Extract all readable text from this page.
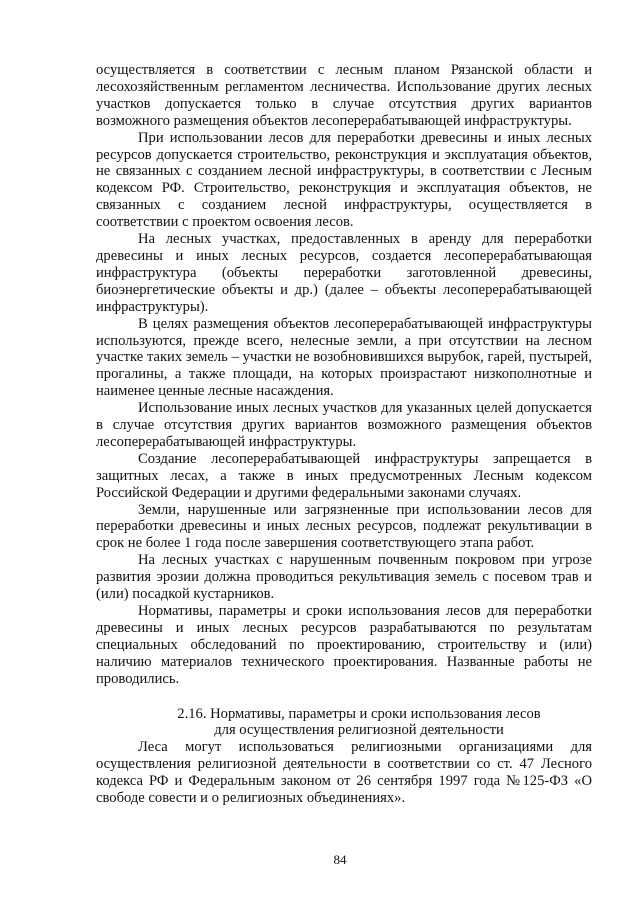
осуществляется в соответствии с лесным планом Рязанской области и лесохозяйственным регламентом лесничества. Использование других лесных участков допускается только в случае отсутствия других вариантов возможного размещения объектов лесоперерабатывающей инфраструктуры.

При использовании лесов для переработки древесины и иных лесных ресурсов допускается строительство, реконструкция и эксплуатация объектов, не связанных с созданием лесной инфраструктуры, в соответствии с Лесным кодексом РФ. Строительство, реконструкция и эксплуатация объектов, не связанных с созданием лесной инфраструктуры, осуществляется в соответствии с проектом освоения лесов.

На лесных участках, предоставленных в аренду для переработки древесины и иных лесных ресурсов, создается лесоперерабатывающая инфраструктура (объекты переработки заготовленной древесины, биоэнергетические объекты и др.) (далее – объекты лесоперерабатывающей инфраструктуры).

В целях размещения объектов лесоперерабатывающей инфраструктуры используются, прежде всего, нелесные земли, а при отсутствии на лесном участке таких земель – участки не возобновившихся вырубок, гарей, пустырей, прогалины, а также площади, на которых произрастают низкополнотные и наименее ценные лесные насаждения.

Использование иных лесных участков для указанных целей допускается в случае отсутствия других вариантов возможного размещения объектов лесоперерабатывающей инфраструктуры.

Создание лесоперерабатывающей инфраструктуры запрещается в защитных лесах, а также в иных предусмотренных Лесным кодексом Российской Федерации и другими федеральными законами случаях.

Земли, нарушенные или загрязненные при использовании лесов для переработки древесины и иных лесных ресурсов, подлежат рекультивации в срок не более 1 года после завершения соответствующего этапа работ.

На лесных участках с нарушенным почвенным покровом при угрозе развития эрозии должна проводиться рекультивация земель с посевом трав и (или) посадкой кустарников.

Нормативы, параметры и сроки использования лесов для переработки древесины и иных лесных ресурсов разрабатываются по результатам специальных обследований по проектированию, строительству и (или) наличию материалов технического проектирования. Названные работы не проводились.

2.16. Нормативы, параметры и сроки использования лесов
для осуществления религиозной деятельности

Леса могут использоваться религиозными организациями для осуществления религиозной деятельности в соответствии со ст. 47 Лесного кодекса РФ и Федеральным законом от 26 сентября 1997 года №125-ФЗ «О свободе совести и о религиозных объединениях».

84
